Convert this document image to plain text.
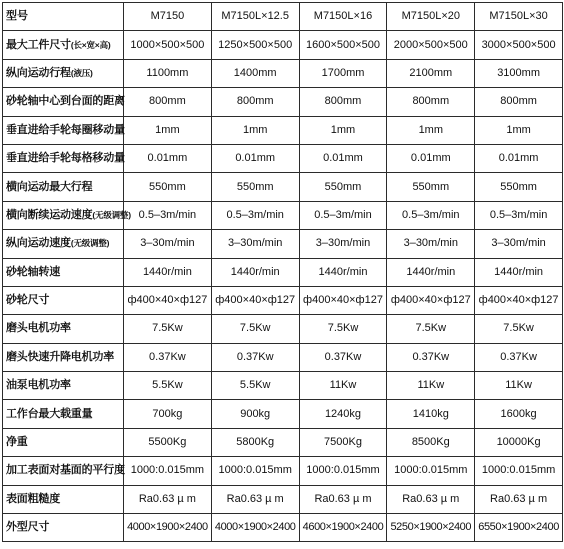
型号	M7150	M7150L×12.5	M7150L×16	M7150L×20	M7150L×30
最大工件尺寸(长×宽×高)	1000×500×500	1250×500×500	1600×500×500	2000×500×500	3000×500×500
纵向运动行程(液压)	1100mm	1400mm	1700mm	2100mm	3100mm
砂轮轴中心到台面的距离	800mm	800mm	800mm	800mm	800mm
垂直进给手轮每圈移动量	1mm	1mm	1mm	1mm	1mm
垂直进给手轮每格移动量	0.01mm	0.01mm	0.01mm	0.01mm	0.01mm
横向运动最大行程	550mm	550mm	550mm	550mm	550mm
横向断续运动速度(无级调整)	0.5–3m/min	0.5–3m/min	0.5–3m/min	0.5–3m/min	0.5–3m/min
纵向运动速度(无级调整)	3–30m/min	3–30m/min	3–30m/min	3–30m/min	3–30m/min
砂轮轴转速	1440r/min	1440r/min	1440r/min	1440r/min	1440r/min
砂轮尺寸	ф400×40×ф127	ф400×40×ф127	ф400×40×ф127	ф400×40×ф127	ф400×40×ф127
磨头电机功率	7.5Kw	7.5Kw	7.5Kw	7.5Kw	7.5Kw
磨头快速升降电机功率	0.37Kw	0.37Kw	0.37Kw	0.37Kw	0.37Kw
油泵电机功率	5.5Kw	5.5Kw	11Kw	11Kw	11Kw
工作台最大载重量	700kg	900kg	1240kg	1410kg	1600kg
净重	5500Kg	5800Kg	7500Kg	8500Kg	10000Kg
加工表面对基面的平行度	1000:0.015mm	1000:0.015mm	1000:0.015mm	1000:0.015mm	1000:0.015mm
表面粗糙度	Ra0.63 µ m	Ra0.63 µ m	Ra0.63 µ m	Ra0.63 µ m	Ra0.63 µ m
外型尺寸	4000×1900×2400	4000×1900×2400	4600×1900×2400	5250×1900×2400	6550×1900×2400
